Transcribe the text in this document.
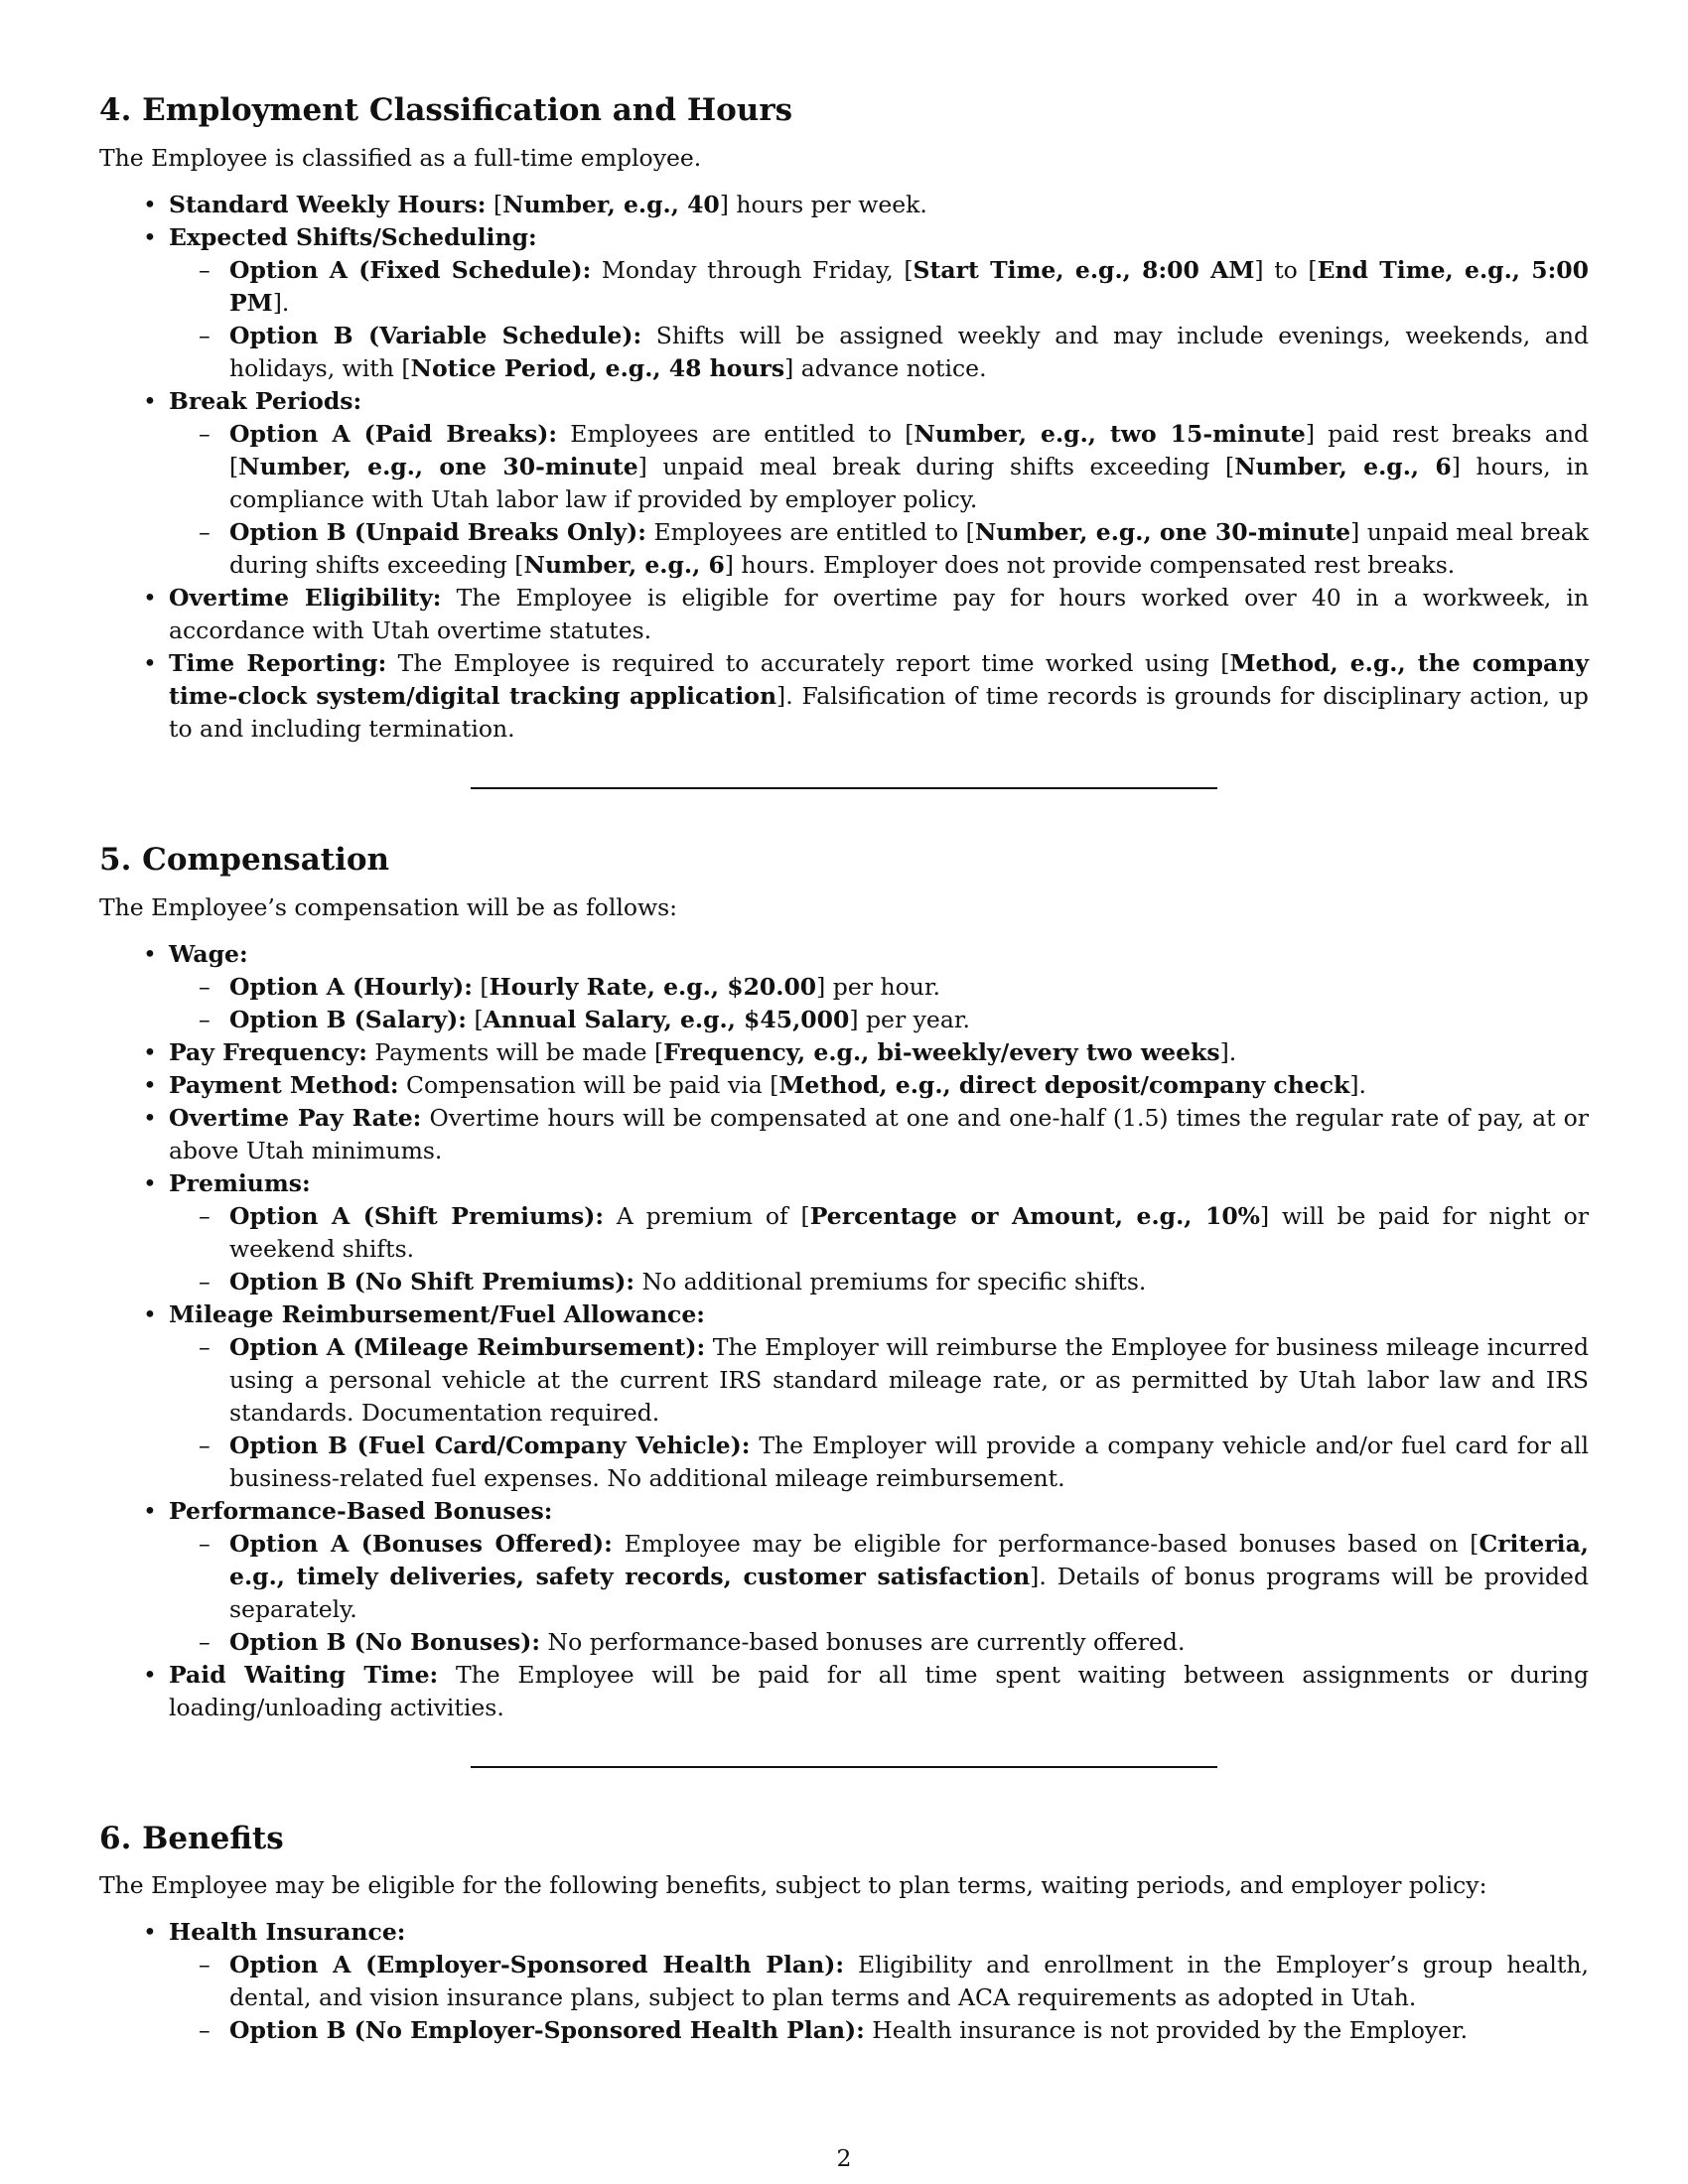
4. Employment Classification and Hours

The Employee is classified as a full-time employee.

• Standard Weekly Hours: [Number, e.g., 40] hours per week.
• Expected Shifts/Scheduling:
– Option A (Fixed Schedule): Monday through Friday, [Start Time, e.g., 8:00 AM] to [End Time, e.g., 5:00 PM].
– Option B (Variable Schedule): Shifts will be assigned weekly and may include evenings, weekends, and holidays, with [Notice Period, e.g., 48 hours] advance notice.
• Break Periods:
– Option A (Paid Breaks): Employees are entitled to [Number, e.g., two 15-minute] paid rest breaks and [Number, e.g., one 30-minute] unpaid meal break during shifts exceeding [Number, e.g., 6] hours, in compliance with Utah labor law if provided by employer policy.
– Option B (Unpaid Breaks Only): Employees are entitled to [Number, e.g., one 30-minute] unpaid meal break during shifts exceeding [Number, e.g., 6] hours. Employer does not provide compensated rest breaks.
• Overtime Eligibility: The Employee is eligible for overtime pay for hours worked over 40 in a workweek, in accordance with Utah overtime statutes.
• Time Reporting: The Employee is required to accurately report time worked using [Method, e.g., the company time-clock system/digital tracking application]. Falsification of time records is grounds for disciplinary action, up to and including termination.
5. Compensation

The Employee’s compensation will be as follows:

• Wage:
– Option A (Hourly): [Hourly Rate, e.g., $20.00] per hour.
– Option B (Salary): [Annual Salary, e.g., $45,000] per year.
• Pay Frequency: Payments will be made [Frequency, e.g., bi-weekly/every two weeks].
• Payment Method: Compensation will be paid via [Method, e.g., direct deposit/company check].
• Overtime Pay Rate: Overtime hours will be compensated at one and one-half (1.5) times the regular rate of pay, at or above Utah minimums.
• Premiums:
– Option A (Shift Premiums): A premium of [Percentage or Amount, e.g., 10%] will be paid for night or weekend shifts.
– Option B (No Shift Premiums): No additional premiums for specific shifts.
• Mileage Reimbursement/Fuel Allowance:
– Option A (Mileage Reimbursement): The Employer will reimburse the Employee for business mileage incurred using a personal vehicle at the current IRS standard mileage rate, or as permitted by Utah labor law and IRS standards. Documentation required.
– Option B (Fuel Card/Company Vehicle): The Employer will provide a company vehicle and/or fuel card for all business-related fuel expenses. No additional mileage reimbursement.
• Performance-Based Bonuses:
– Option A (Bonuses Offered): Employee may be eligible for performance-based bonuses based on [Criteria, e.g., timely deliveries, safety records, customer satisfaction]. Details of bonus programs will be provided separately.
– Option B (No Bonuses): No performance-based bonuses are currently offered.
• Paid Waiting Time: The Employee will be paid for all time spent waiting between assignments or during loading/unloading activities.
6. Benefits

The Employee may be eligible for the following benefits, subject to plan terms, waiting periods, and employer policy:

• Health Insurance:
– Option A (Employer-Sponsored Health Plan): Eligibility and enrollment in the Employer’s group health, dental, and vision insurance plans, subject to plan terms and ACA requirements as adopted in Utah.
– Option B (No Employer-Sponsored Health Plan): Health insurance is not provided by the Employer.
2
